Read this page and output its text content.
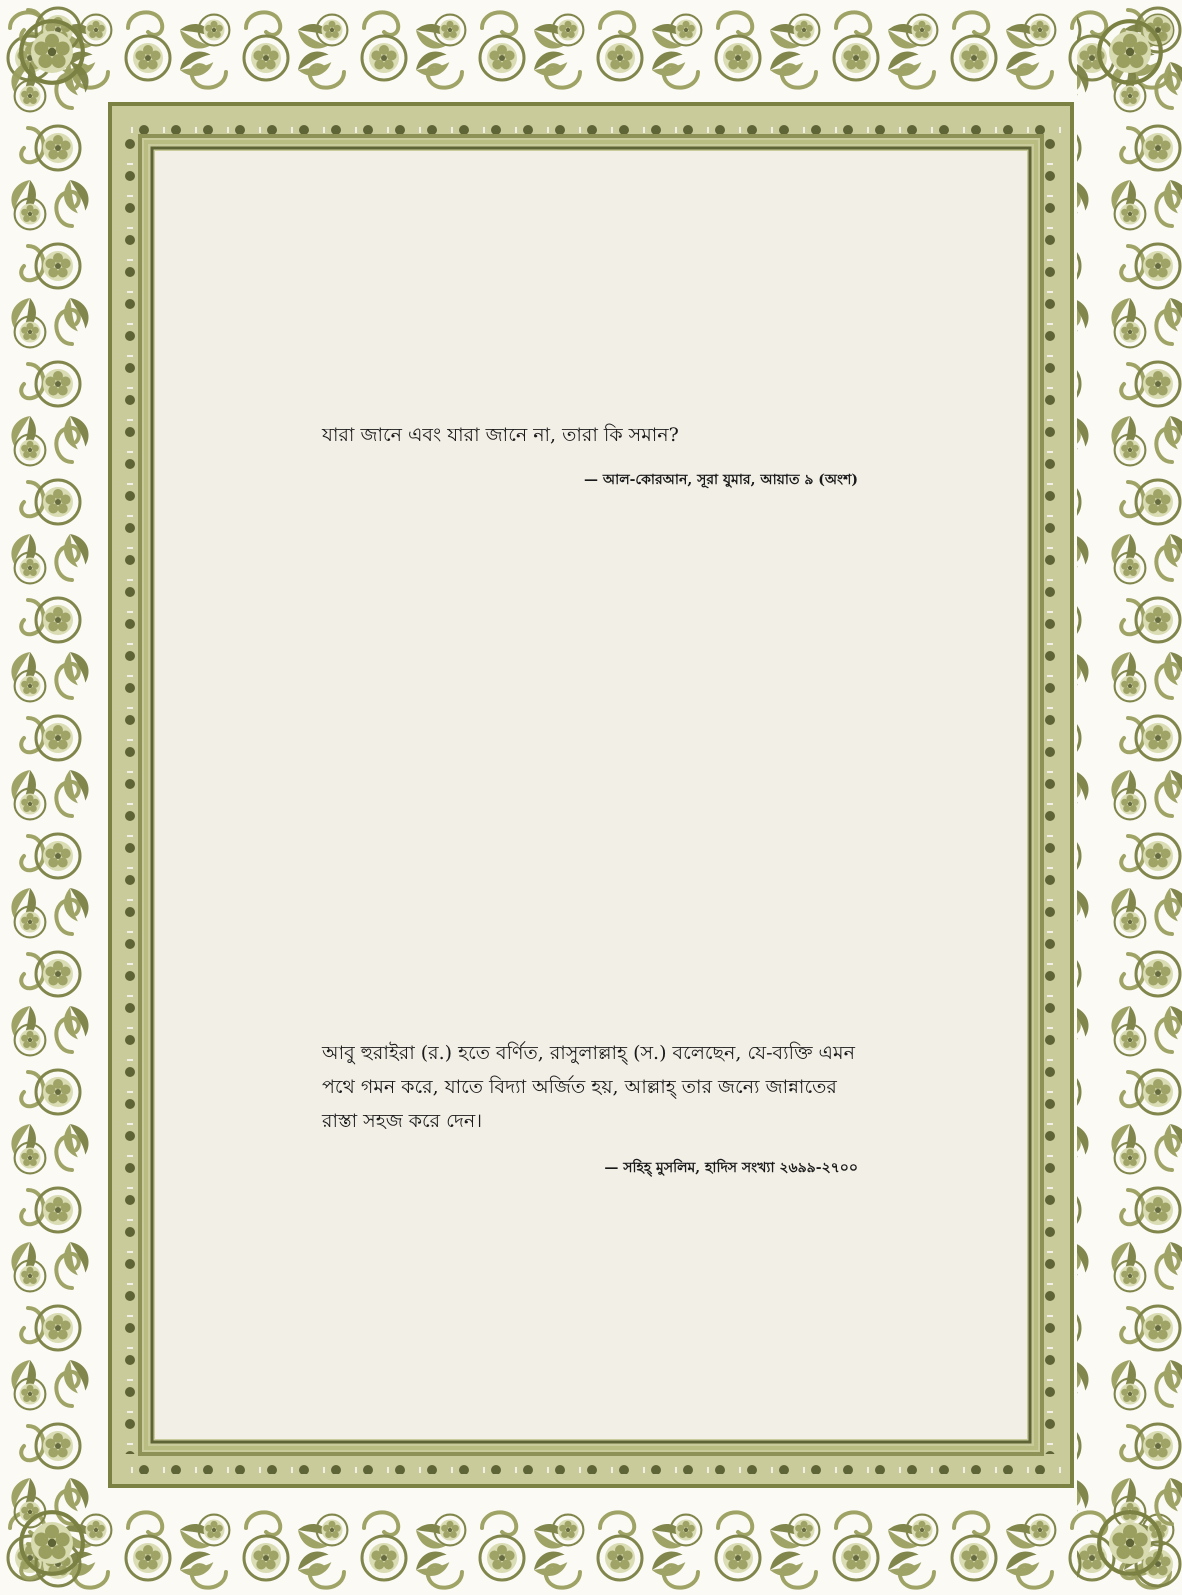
যারা জানে এবং যারা জানে না, তারা কি সমান?

— আল-কোরআন, সূরা যুমার, আয়াত ৯ (অংশ)

আবু হুরাইরা (র.) হতে বর্ণিত, রাসুলাল্লাহ্ (স.) বলেছেন, যে-ব্যক্তি এমন পথে গমন করে, যাতে বিদ্যা অর্জিত হয়, আল্লাহ্ তার জন্যে জান্নাতের রাস্তা সহজ করে দেন।

— সহিহ্ মুসলিম, হাদিস সংখ্যা ২৬৯৯-২৭০০
